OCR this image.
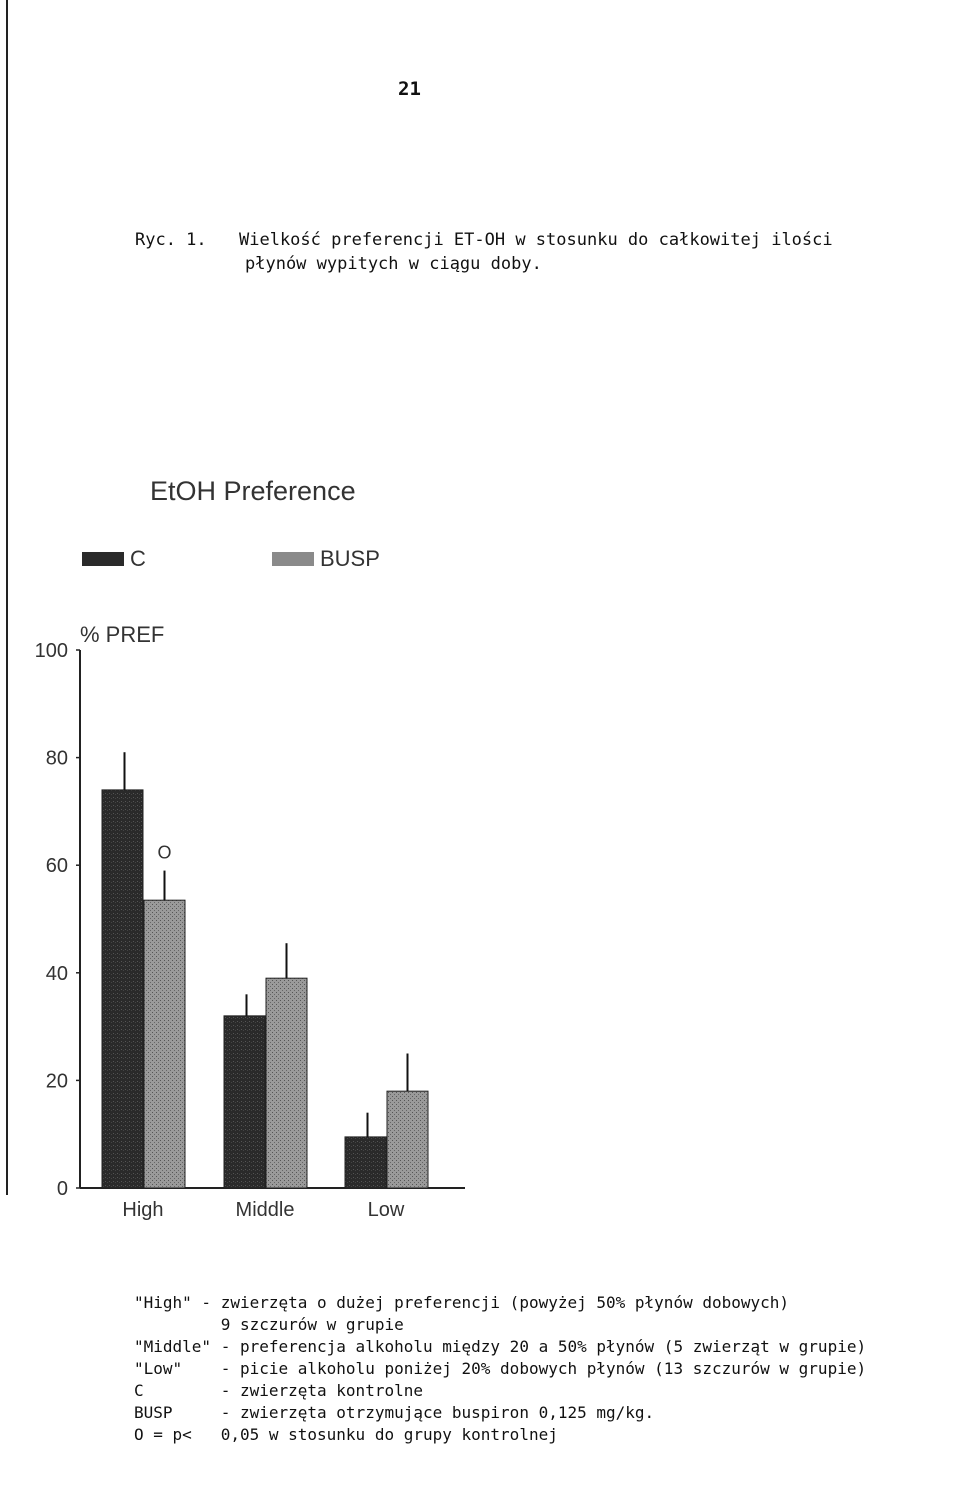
21
Ryc. 1. Wielkość preferencji ET-OH w stosunku do całkowitej ilości
płynów wypitych w ciągu doby.
EtOH Preference
C	BUSP
0
20
40
60
80
100
% PREF
High	Middle	Low
O
"High" - zwierzęta o dużej preferencji (powyżej 50% płynów dobowych)
9 szczurów w grupie
"Middle" - preferencja alkoholu między 20 a 50% płynów (5 zwierząt w grupie)
"Low"    - picie alkoholu poniżej 20% dobowych płynów (13 szczurów w grupie)
C        - zwierzęta kontrolne
BUSP     - zwierzęta otrzymujące buspiron 0,125 mg/kg.
O = p<   0,05 w stosunku do grupy kontrolnej
